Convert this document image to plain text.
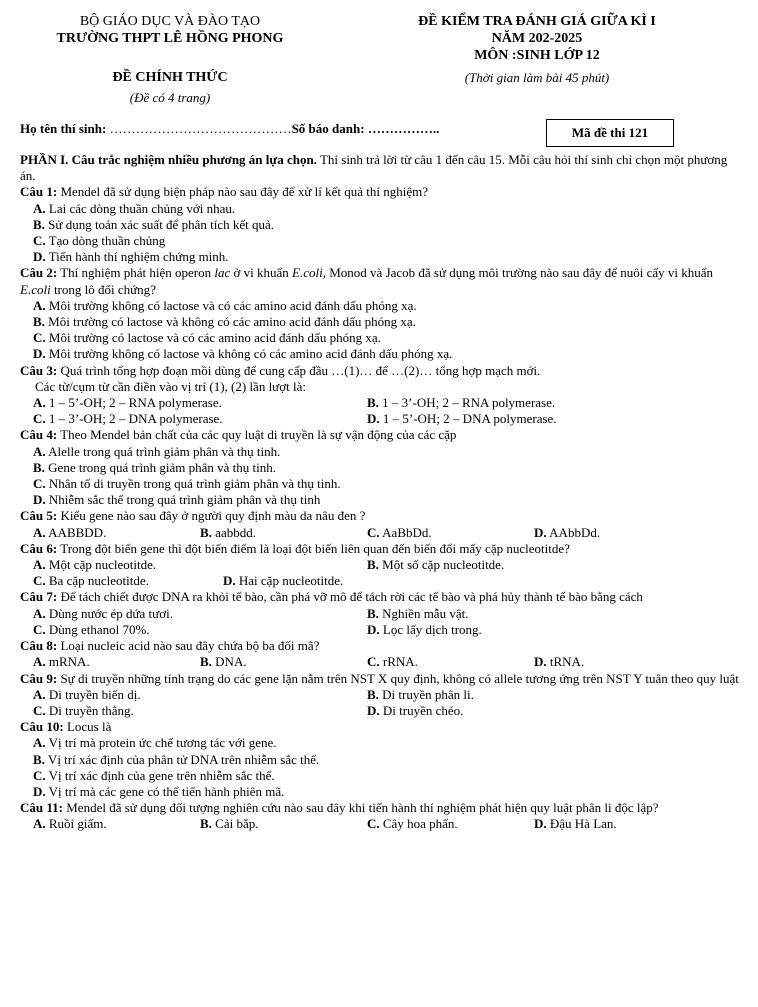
BỘ GIÁO DỤC VÀ ĐÀO TẠO
TRƯỜNG THPT LÊ HỒNG PHONG
ĐỀ KIỂM TRA ĐÁNH GIÁ GIỮA KÌ I
NĂM 202-2025
MÔN :SINH LỚP 12
ĐỀ CHÍNH THỨC
(Đề có 4 trang)
(Thời gian làm bài 45 phút)
Họ tên thí sinh: ……………………………………Số báo danh: ……………..	Mã đề thi 121

PHẦN I. Câu trắc nghiệm nhiều phương án lựa chọn. Thí sinh trả lời từ câu 1 đến câu 15. Mỗi câu hỏi thí sinh chỉ chọn một phương án.

Câu 1: Mendel đã sử dụng biện pháp nào sau đây để xử lí kết quả thí nghiệm?

A. Lai các dòng thuần chủng với nhau.

B. Sử dụng toán xác suất để phân tích kết quả.

C. Tạo dòng thuần chủng

D. Tiến hành thí nghiệm chứng minh.

Câu 2: Thí nghiệm phát hiện operon lac ở vi khuẩn E.coli, Monod và Jacob đã sử dụng môi trường nào sau đây để nuôi cấy vi khuẩn E.coli trong lô đối chứng?

A. Môi trường không có lactose và có các amino acid đánh dấu phóng xạ.

B. Môi trường có lactose và không có các amino acid đánh dấu phóng xạ.

C. Môi trường có lactose và có các amino acid đánh dấu phóng xạ.

D. Môi trường không có lactose và không có các amino acid đánh dấu phóng xạ.

Câu 3: Quá trình tổng hợp đoạn mồi dùng để cung cấp đầu …(1)… để …(2)… tổng hợp mạch mới.

Các từ/cụm từ cần điền vào vị trí (1), (2) lần lượt là:

A. 1 – 5’-OH; 2 – RNA polymerase.	B. 1 – 3’-OH; 2 – RNA polymerase.
C. 1 – 3’-OH; 2 – DNA polymerase.	D. 1 – 5’-OH; 2 – DNA polymerase.

Câu 4: Theo Mendel bản chất của các quy luật di truyền là sự vận động của các cặp

A. Alelle trong quá trình giảm phân và thụ tinh.

B. Gene trong quá trình giảm phân và thụ tinh.

C. Nhân tố di truyền trong quá trình giảm phân và thụ tinh.

D. Nhiễm sắc thể trong quá trình giảm phân và thụ tinh

Câu 5: Kiểu gene nào sau đây ở người quy định màu da nâu đen ?

A. AABBDD.	B. aabbdd.	C. AaBbDd.	D. AAbbDd.

Câu 6: Trong đột biến gene thì đột biến điểm là loại đột biến liên quan đến biến đổi mấy cặp nucleotitde?

A. Một cặp nucleotitde.	B. Một số cặp nucleotitde.
C. Ba cặp nucleotitde.	D. Hai cặp nucleotitde.

Câu 7: Để tách chiết được DNA ra khỏi tế bào, cần phá vỡ mô để tách rời các tế bào và phá hủy thành tế bào bằng cách

A. Dùng nước ép dứa tươi.	B. Nghiền mẫu vật.
C. Dùng ethanol 70%.	D. Lọc lấy dịch trong.

Câu 8: Loại nucleic acid nào sau đây chứa bộ ba đối mã?

A. mRNA.	B. DNA.	C. rRNA.	D. tRNA.

Câu 9: Sự di truyền những tính trạng do các gene lặn nằm trên NST X quy định, không có allele tương ứng trên NST Y tuân theo quy luật

A. Di truyền biến dị.	B. Di truyền phân li.
C. Di truyền thẳng.	D. Di truyền chéo.

Câu 10: Locus là

A. Vị trí mà protein ức chế tương tác với gene.

B. Vị trí xác định của phân tử DNA trên nhiễm sắc thể.

C. Vị trí xác định của gene trên nhiễm sắc thể.

D. Vị trí mà các gene có thể tiến hành phiên mã.

Câu 11: Mendel đã sử dụng đối tượng nghiên cứu nào sau đây khi tiến hành thí nghiệm phát hiện quy luật phân li độc lập?

A. Ruồi giấm.	B. Cải bắp.	C. Cây hoa phấn.	D. Đậu Hà Lan.
